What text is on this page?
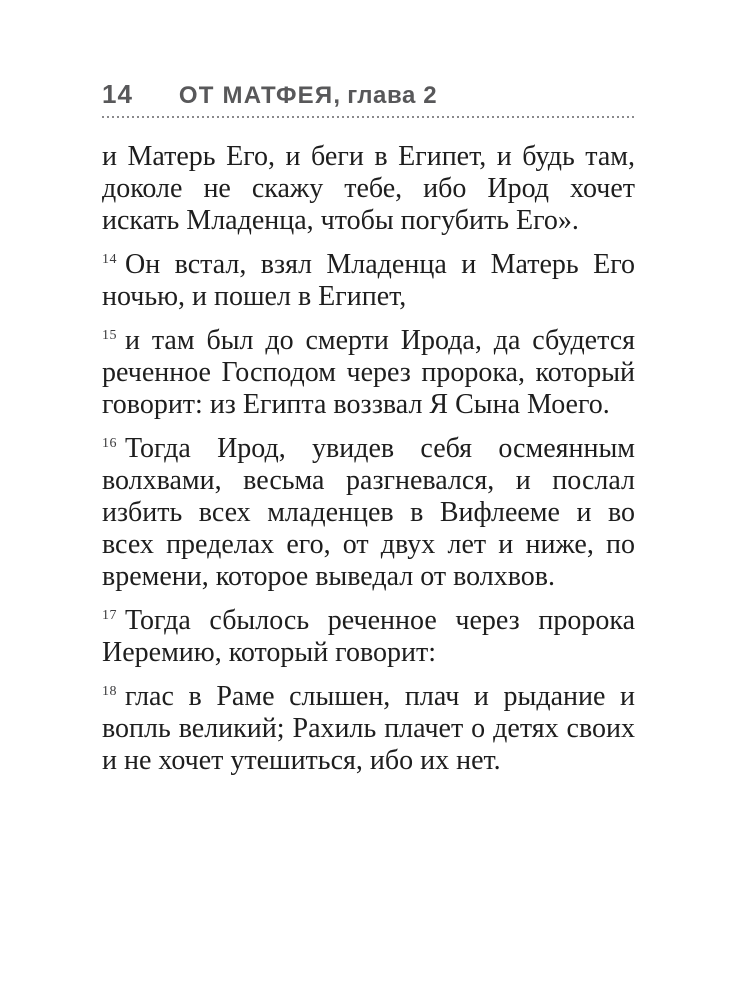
14 ОТ МАТФЕЯ, глава 2

и Матерь Его, и беги в Египет, и будь там, доколе не скажу тебе, ибо Ирод хочет искать Младенца, чтобы погубить Его».

$^{14}$ Он встал, взял Младенца и Матерь Его ночью, и пошел в Египет,

$^{15}$ и там был до смерти Ирода, да сбудется реченное Господом через пророка, который говорит: из Египта воззвал Я Сына Моего.

$^{16}$ Тогда Ирод, увидев себя осмеянным волхвами, весьма разгневался, и послал избить всех младенцев в Вифлееме и во всех пределах его, от двух лет и ниже, по времени, которое выведал от волхвов.

$^{17}$ Тогда сбылось реченное через пророка Иеремию, который говорит:

$^{18}$ глас в Раме слышен, плач и рыдание и вопль великий; Рахиль плачет о детях своих и не хочет утешиться, ибо их нет.
